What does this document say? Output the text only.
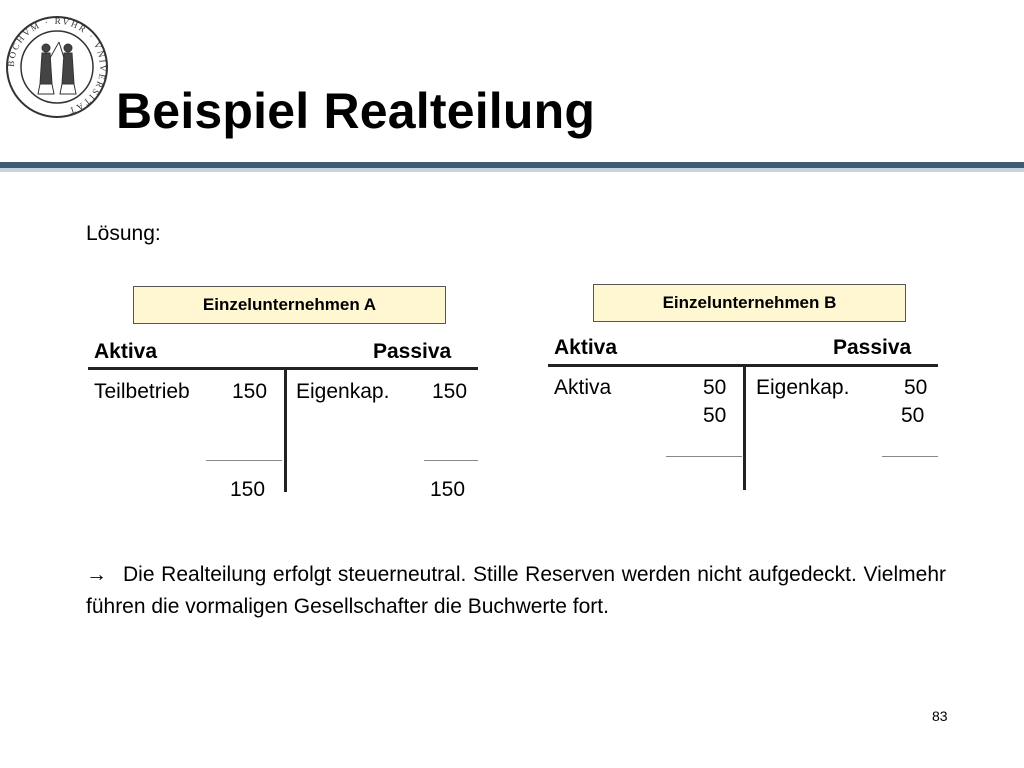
BOCHVM · RVHR · VNIVERSITÄT Beispiel Realteilung
Lösung:
Einzelunternehmen A
Aktiva	Passiva
Teilbetrieb 150 Eigenkap. 150
150	150
Einzelunternehmen B
Aktiva	Passiva
Aktiva	50 Eigenkap.	50
50	50
→ Die Realteilung erfolgt steuerneutral. Stille Reserven werden nicht aufgedeckt. Vielmehr führen die vormaligen Gesellschafter die Buchwerte fort.
83
